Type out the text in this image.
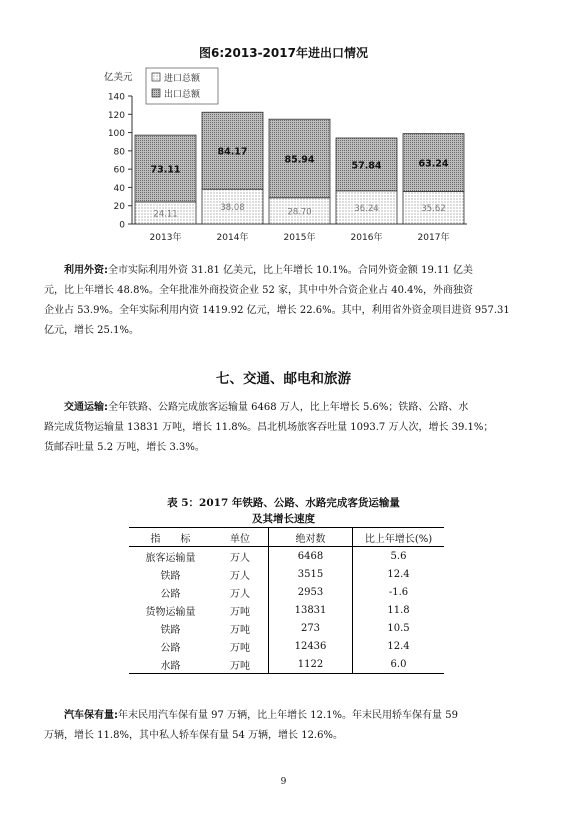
图6:2013-2017年进出口情况
0
20
40
60
80
100
120
140
亿美元
73.11
24.11
2013年
84.17
38.08
2014年
85.94
28.70
2015年
57.84
36.24
2016年
63.24
35.62
2017年
进口总额
出口总额
　　利用外资:全市实际利用外资 31.81 亿美元，比上年增长 10.1%。合同外资金额 19.11 亿美
元，比上年增长 48.8%。全年批准外商投资企业 52 家，其中中外合资企业占 40.4%，外商独资
企业占 53.9%。全年实际利用内资 1419.92 亿元，增长 22.6%。其中，利用省外资金项目进资 957.31
亿元，增长 25.1%。
七、交通、邮电和旅游
　　交通运输:全年铁路、公路完成旅客运输量 6468 万人，比上年增长 5.6%；铁路、公路、水
路完成货物运输量 13831 万吨，增长 11.8%。昌北机场旅客吞吐量 1093.7 万人次，增长 39.1%；
货邮吞吐量 5.2 万吨，增长 3.3%。
表 5：2017 年铁路、公路、水路完成客货运输量
及其增长速度
指　　标	单位	绝对数	比上年增长(%)
旅客运输量	万人	6468	5.6
铁路	万人	3515	12.4
公路	万人	2953	-1.6
货物运输量	万吨	13831	11.8
铁路	万吨	273	10.5
公路	万吨	12436	12.4
水路	万吨	1122	6.0
　　汽车保有量:年末民用汽车保有量 97 万辆，比上年增长 12.1%。年末民用轿车保有量 59
万辆，增长 11.8%，其中私人轿车保有量 54 万辆，增长 12.6%。
9
